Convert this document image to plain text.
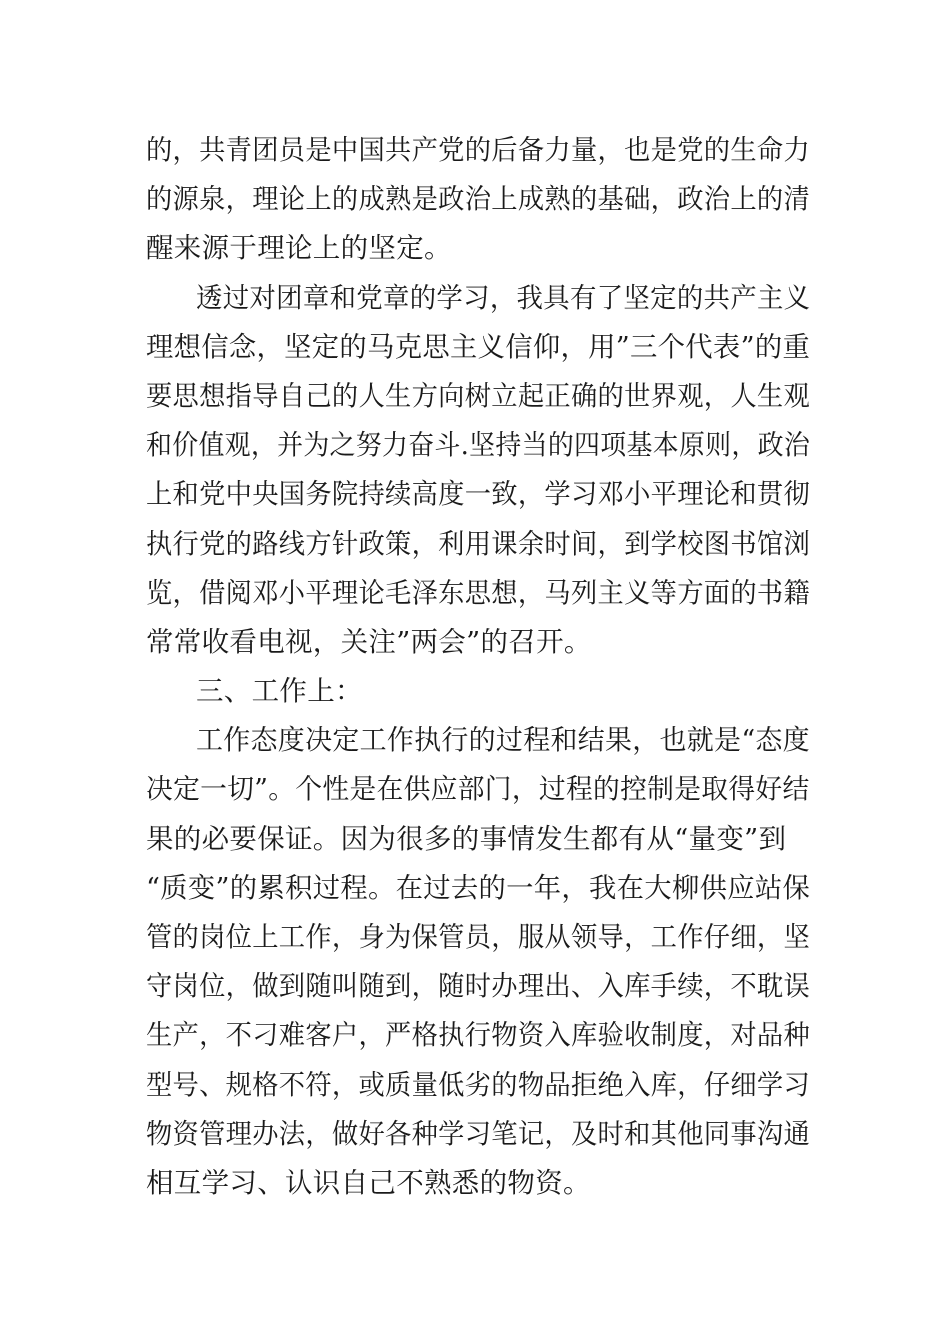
的，共青团员是中国共产党的后备力量，也是党的生命力
的源泉，理论上的成熟是政治上成熟的基础，政治上的清
醒来源于理论上的坚定。
透过对团章和党章的学习，我具有了坚定的共产主义
理想信念，坚定的马克思主义信仰，用”三个代表”的重
要思想指导自己的人生方向树立起正确的世界观，人生观
和价值观，并为之努力奋斗.坚持当的四项基本原则，政治
上和党中央国务院持续高度一致，学习邓小平理论和贯彻
执行党的路线方针政策，利用课余时间，到学校图书馆浏
览，借阅邓小平理论毛泽东思想，马列主义等方面的书籍
常常收看电视，关注”两会”的召开。
三、工作上：
工作态度决定工作执行的过程和结果，也就是“态度
决定一切”。个性是在供应部门，过程的控制是取得好结
果的必要保证。因为很多的事情发生都有从“量变”到
“质变”的累积过程。在过去的一年，我在大柳供应站保
管的岗位上工作，身为保管员，服从领导，工作仔细，坚
守岗位，做到随叫随到，随时办理出、入库手续，不耽误
生产，不刁难客户，严格执行物资入库验收制度，对品种
型号、规格不符，或质量低劣的物品拒绝入库，仔细学习
物资管理办法，做好各种学习笔记，及时和其他同事沟通
相互学习、认识自己不熟悉的物资。
